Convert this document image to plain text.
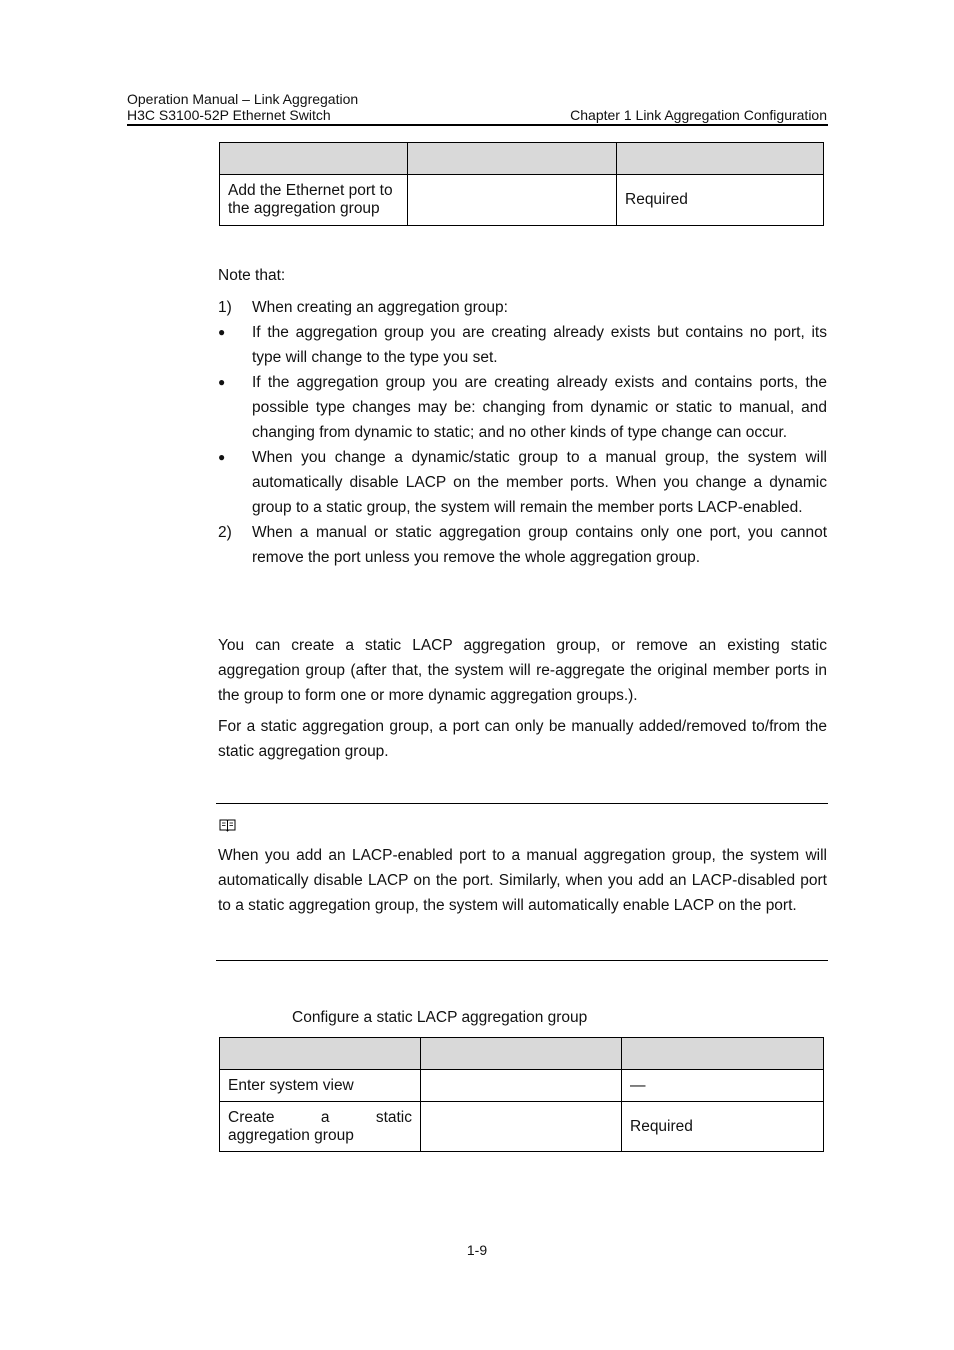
Operation Manual – Link Aggregation
H3C S3100-52P Ethernet Switch	Chapter 1 Link Aggregation Configuration

Add the Ethernet port to the aggregation group		Required
Note that:
1) When creating an aggregation group:
● If the aggregation group you are creating already exists but contains no port, its type will change to the type you set.
● If the aggregation group you are creating already exists and contains ports, the possible type changes may be: changing from dynamic or static to manual, and changing from dynamic to static; and no other kinds of type change can occur.
● When you change a dynamic/static group to a manual group, the system will automatically disable LACP on the member ports. When you change a dynamic group to a static group, the system will remain the member ports LACP-enabled.
2) When a manual or static aggregation group contains only one port, you cannot remove the port unless you remove the whole aggregation group.
You can create a static LACP aggregation group, or remove an existing static aggregation group (after that, the system will re-aggregate the original member ports in the group to form one or more dynamic aggregation groups.).
For a static aggregation group, a port can only be manually added/removed to/from the static aggregation group.
When you add an LACP-enabled port to a manual aggregation group, the system will automatically disable LACP on the port. Similarly, when you add an LACP-disabled port to a static aggregation group, the system will automatically enable LACP on the port.
Configure a static LACP aggregation group

Enter system view		—
Create a static aggregation group		Required
1-9
